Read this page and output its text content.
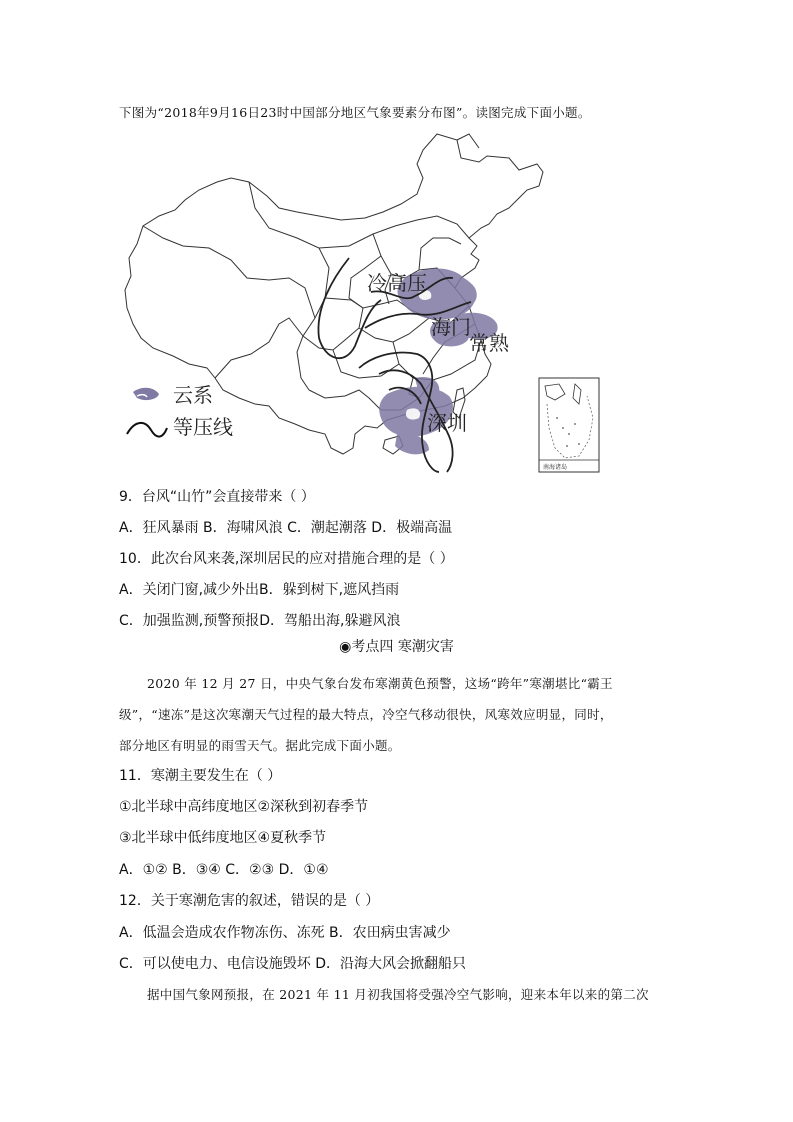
下图为“2018年9月16日23时中国部分地区气象要素分布图”。读图完成下面小题。
冷高压
海门
常熟
深圳
云系
等压线
南海诸岛
9．台风“山竹”会直接带来（ ）
A．狂风暴雨 B．海啸风浪 C．潮起潮落 D．极端高温
10．此次台风来袭,深圳居民的应对措施合理的是（ ）
A．关闭门窗,减少外出B．躲到树下,遮风挡雨
C．加强监测,预警预报D．驾船出海,躲避风浪
◉考点四 寒潮灾害
2020 年 12 月 27 日，中央气象台发布寒潮黄色预警，这场“跨年”寒潮堪比“霸王
级”，“速冻”是这次寒潮天气过程的最大特点，冷空气移动很快，风寒效应明显，同时，
部分地区有明显的雨雪天气。据此完成下面小题。
11．寒潮主要发生在（ ）
①北半球中高纬度地区②深秋到初春季节
③北半球中低纬度地区④夏秋季节
A．①② B．③④ C．②③ D．①④
12．关于寒潮危害的叙述，错误的是（ ）
A．低温会造成农作物冻伤、冻死 B．农田病虫害减少
C．可以使电力、电信设施毁坏 D．沿海大风会掀翻船只
据中国气象网预报，在 2021 年 11 月初我国将受强冷空气影响，迎来本年以来的第二次
